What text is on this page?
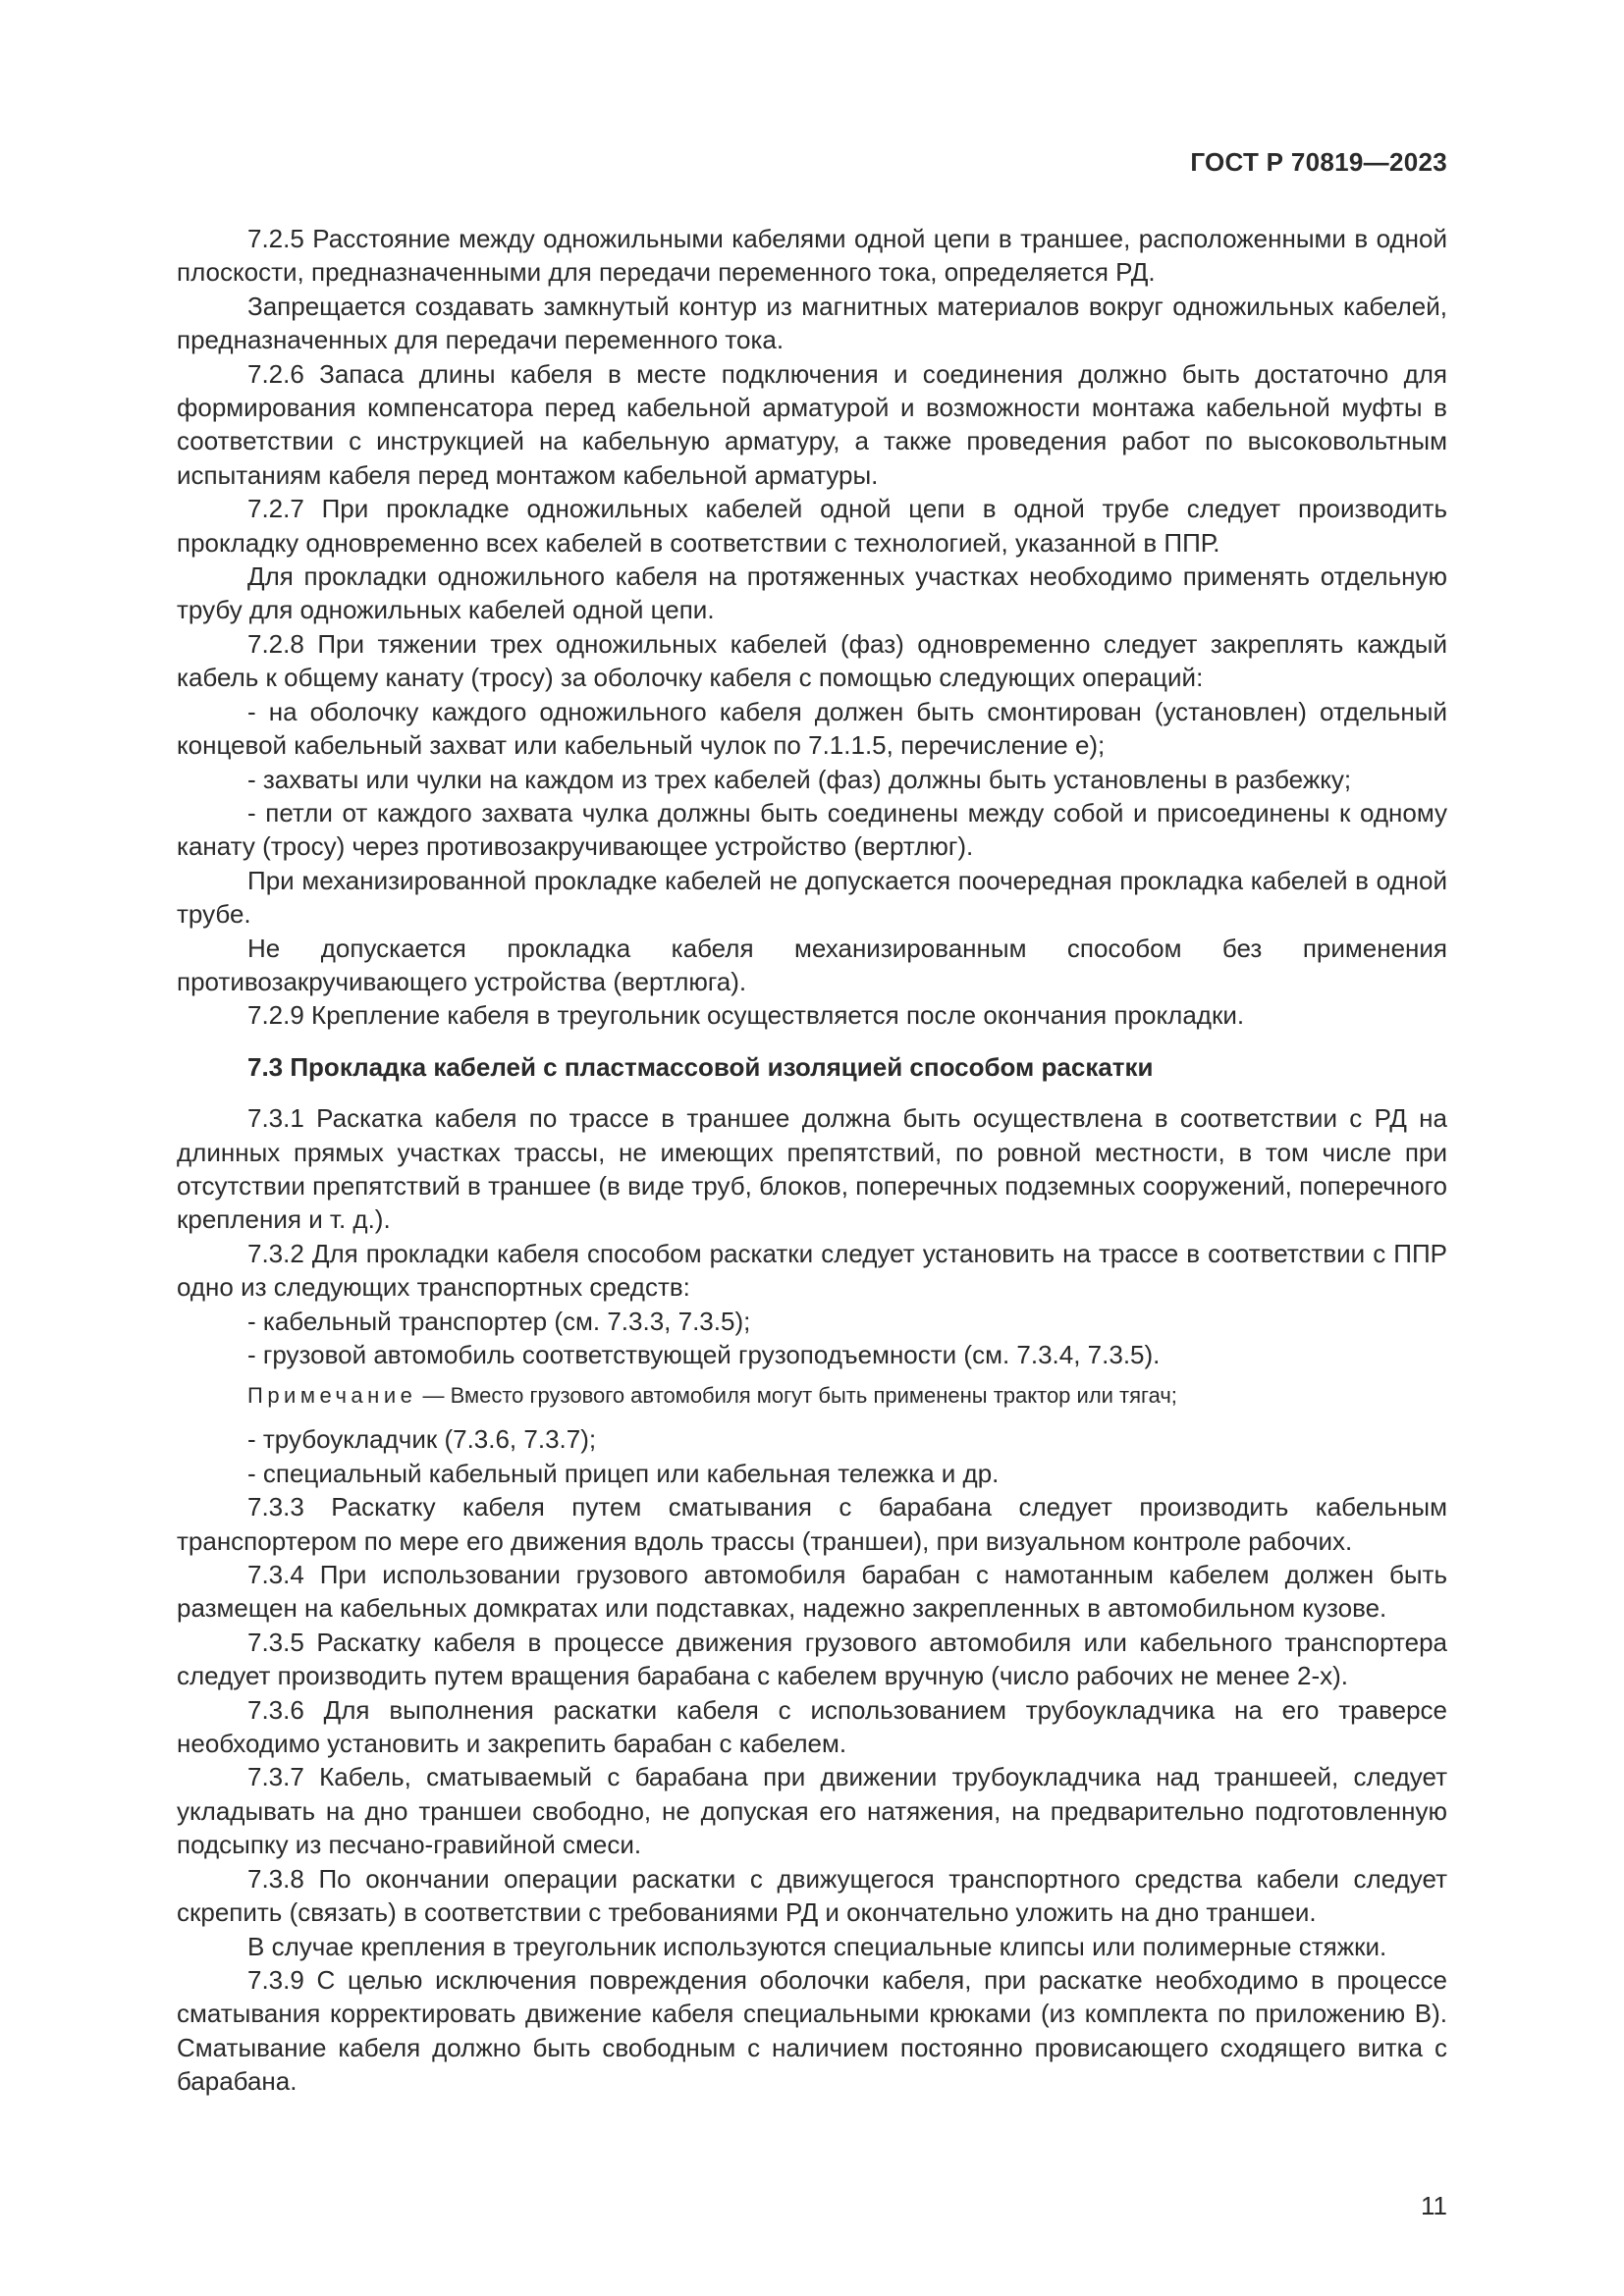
ГОСТ Р 70819—2023

7.2.5 Расстояние между одножильными кабелями одной цепи в траншее, расположенными в одной плоскости, предназначенными для передачи переменного тока, определяется РД.

Запрещается создавать замкнутый контур из магнитных материалов вокруг одножильных кабелей, предназначенных для передачи переменного тока.

7.2.6 Запаса длины кабеля в месте подключения и соединения должно быть достаточно для формирования компенсатора перед кабельной арматурой и возможности монтажа кабельной муфты в соответствии с инструкцией на кабельную арматуру, а также проведения работ по высоковольтным испытаниям кабеля перед монтажом кабельной арматуры.

7.2.7 При прокладке одножильных кабелей одной цепи в одной трубе следует производить прокладку одновременно всех кабелей в соответствии с технологией, указанной в ППР.

Для прокладки одножильного кабеля на протяженных участках необходимо применять отдельную трубу для одножильных кабелей одной цепи.

7.2.8 При тяжении трех одножильных кабелей (фаз) одновременно следует закреплять каждый кабель к общему канату (тросу) за оболочку кабеля с помощью следующих операций:

- на оболочку каждого одножильного кабеля должен быть смонтирован (установлен) отдельный концевой кабельный захват или кабельный чулок по 7.1.1.5, перечисление е);

- захваты или чулки на каждом из трех кабелей (фаз) должны быть установлены в разбежку;

- петли от каждого захвата чулка должны быть соединены между собой и присоединены к одному канату (тросу) через противозакручивающее устройство (вертлюг).

При механизированной прокладке кабелей не допускается поочередная прокладка кабелей в одной трубе.

Не допускается прокладка кабеля механизированным способом без применения противозакручивающего устройства (вертлюга).

7.2.9 Крепление кабеля в треугольник осуществляется после окончания прокладки.

7.3 Прокладка кабелей с пластмассовой изоляцией способом раскатки

7.3.1 Раскатка кабеля по трассе в траншее должна быть осуществлена в соответствии с РД на длинных прямых участках трассы, не имеющих препятствий, по ровной местности, в том числе при отсутствии препятствий в траншее (в виде труб, блоков, поперечных подземных сооружений, поперечного крепления и т. д.).

7.3.2 Для прокладки кабеля способом раскатки следует установить на трассе в соответствии с ППР одно из следующих транспортных средств:

- кабельный транспортер (см. 7.3.3, 7.3.5);

- грузовой автомобиль соответствующей грузоподъемности (см. 7.3.4, 7.3.5).

Примечание — Вместо грузового автомобиля могут быть применены трактор или тягач;

- трубоукладчик (7.3.6, 7.3.7);

- специальный кабельный прицеп или кабельная тележка и др.

7.3.3 Раскатку кабеля путем сматывания с барабана следует производить кабельным транспортером по мере его движения вдоль трассы (траншеи), при визуальном контроле рабочих.

7.3.4 При использовании грузового автомобиля барабан с намотанным кабелем должен быть размещен на кабельных домкратах или подставках, надежно закрепленных в автомобильном кузове.

7.3.5 Раскатку кабеля в процессе движения грузового автомобиля или кабельного транспортера следует производить путем вращения барабана с кабелем вручную (число рабочих не менее 2-х).

7.3.6 Для выполнения раскатки кабеля с использованием трубоукладчика на его траверсе необходимо установить и закрепить барабан с кабелем.

7.3.7 Кабель, сматываемый с барабана при движении трубоукладчика над траншеей, следует укладывать на дно траншеи свободно, не допуская его натяжения, на предварительно подготовленную подсыпку из песчано-гравийной смеси.

7.3.8 По окончании операции раскатки с движущегося транспортного средства кабели следует скрепить (связать) в соответствии с требованиями РД и окончательно уложить на дно траншеи.

В случае крепления в треугольник используются специальные клипсы или полимерные стяжки.

7.3.9 С целью исключения повреждения оболочки кабеля, при раскатке необходимо в процессе сматывания корректировать движение кабеля специальными крюками (из комплекта по приложению В). Сматывание кабеля должно быть свободным с наличием постоянно провисающего сходящего витка с барабана.

11
